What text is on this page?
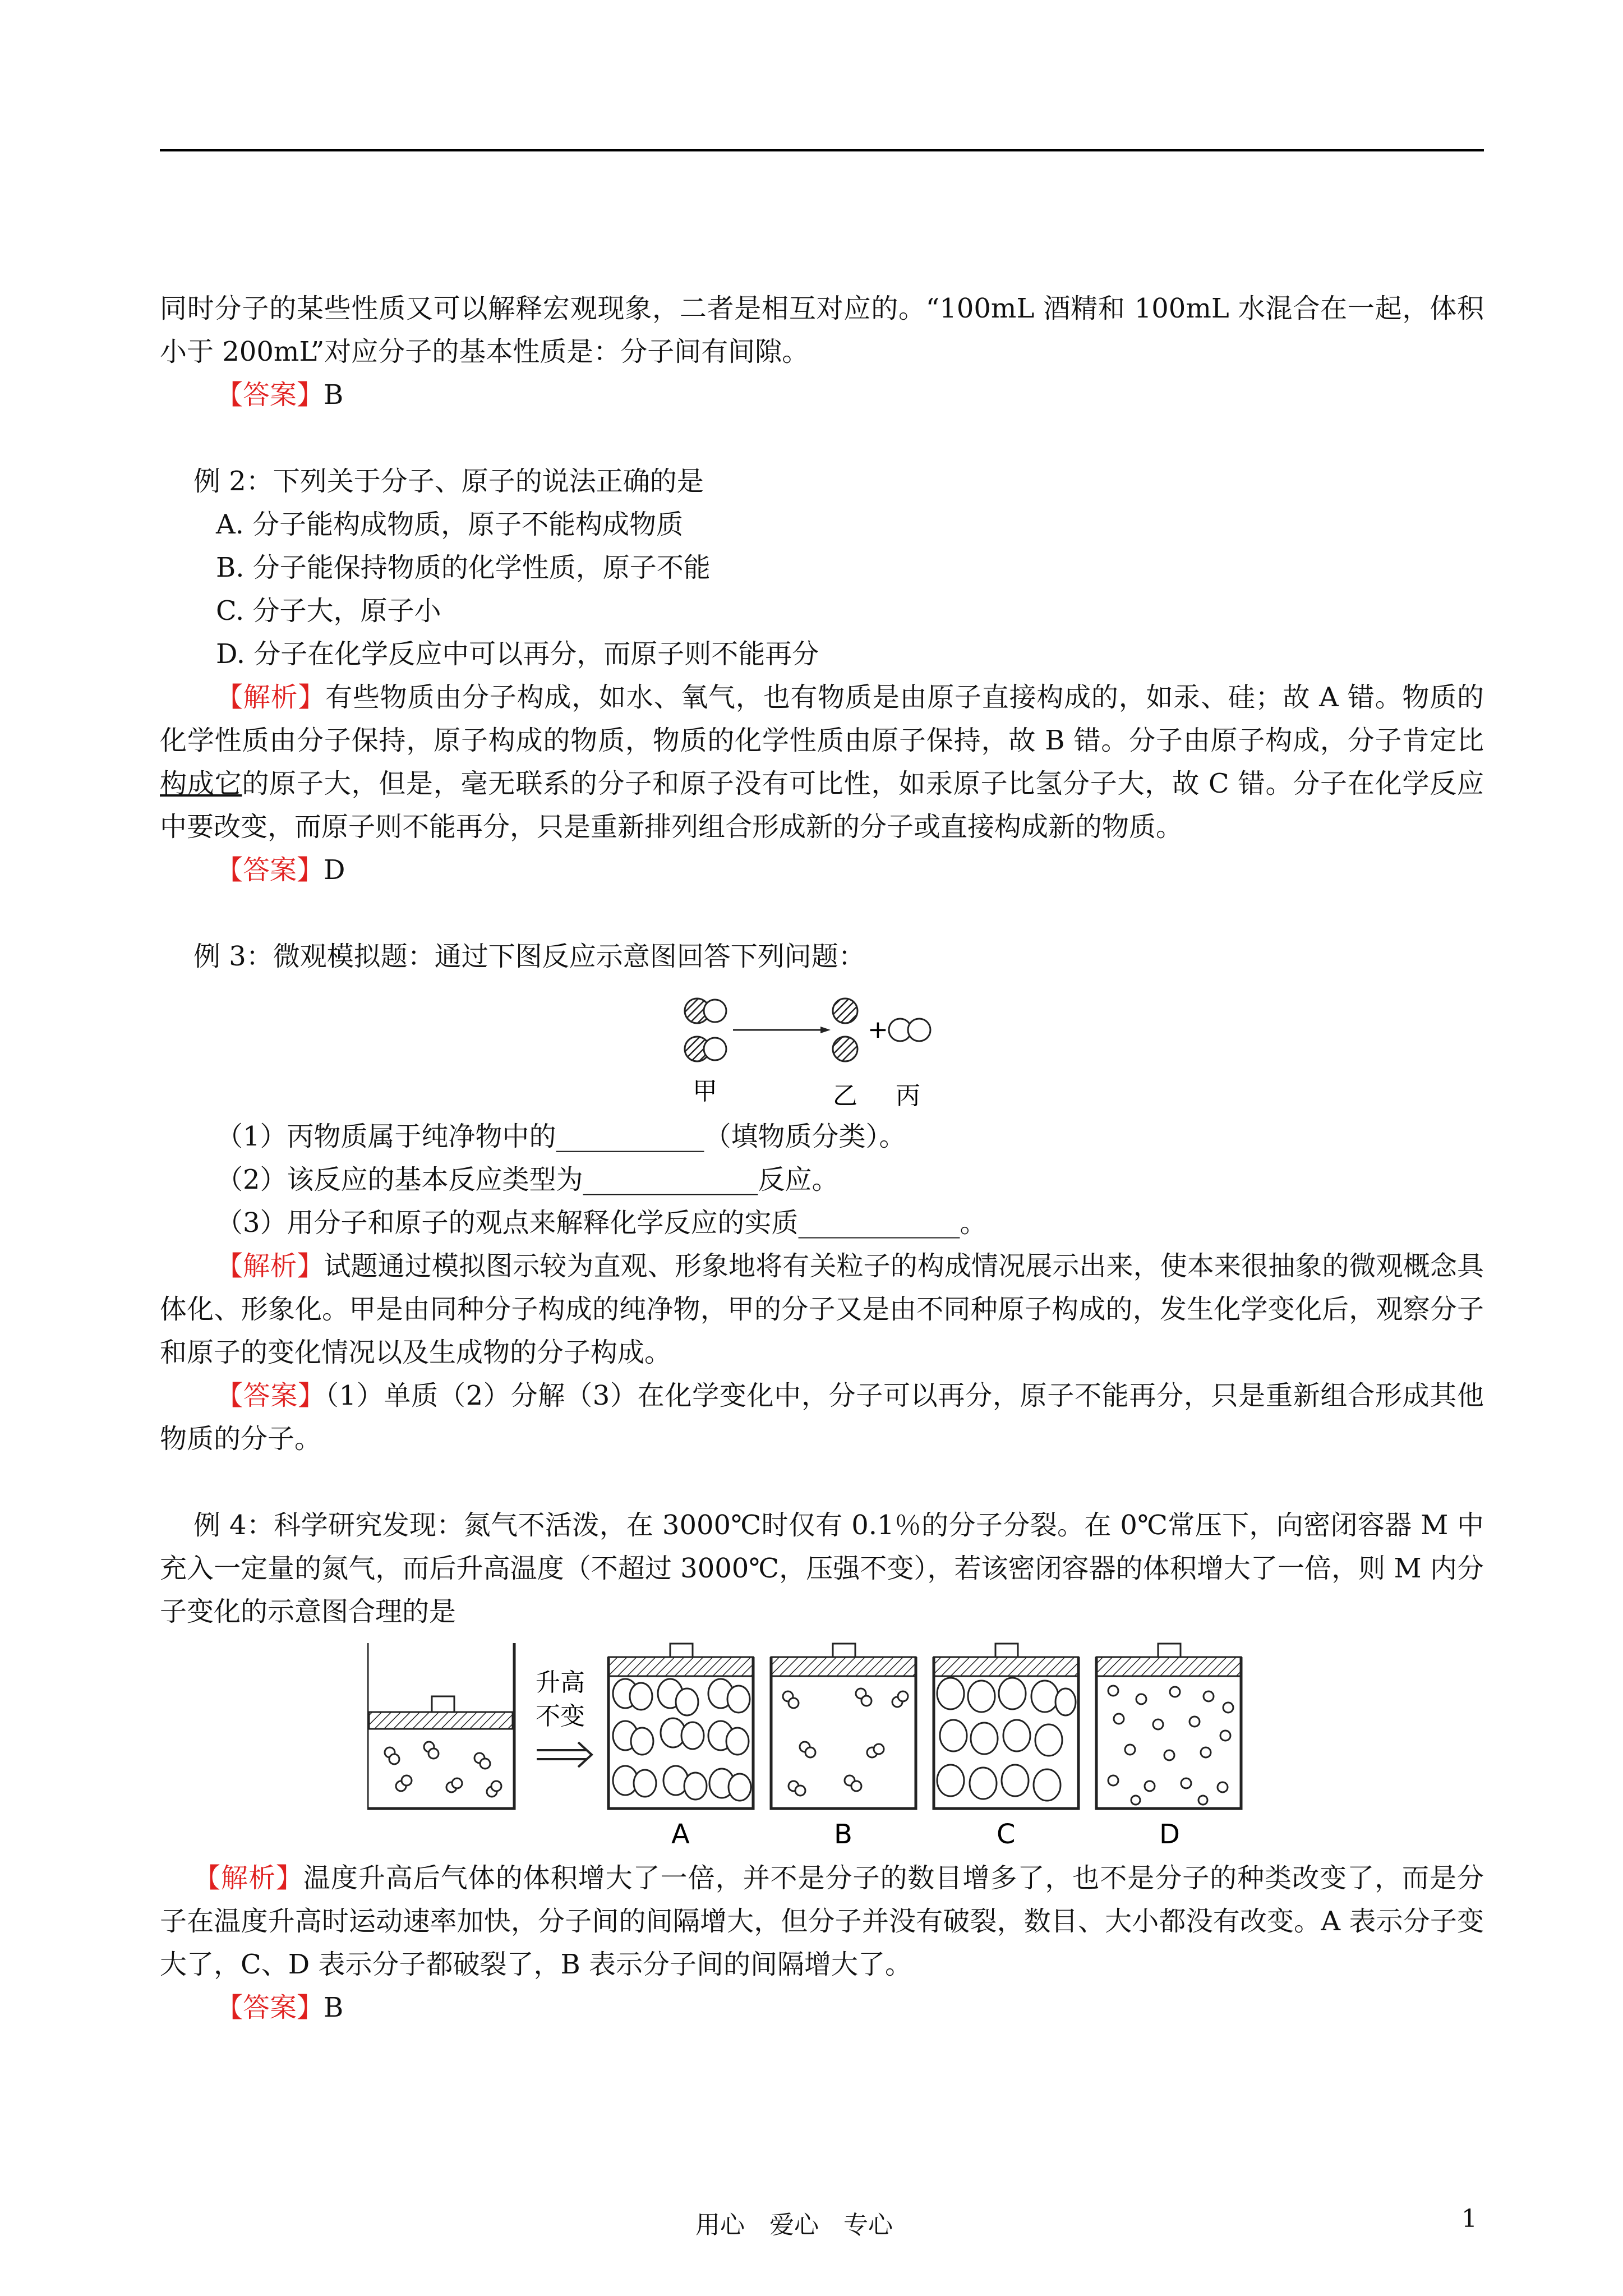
同时分子的某些性质又可以解释宏观现象，二者是相互对应的。“100mL 酒精和 100mL 水混合在一起，体积小于 200mL”对应分子的基本性质是：分子间有间隙。

【答案】B

例 2：下列关于分子、原子的说法正确的是

A. 分子能构成物质，原子不能构成物质

B. 分子能保持物质的化学性质，原子不能

C. 分子大，原子小

D. 分子在化学反应中可以再分，而原子则不能再分

【解析】有些物质由分子构成，如水、氧气，也有物质是由原子直接构成的，如汞、硅；故 A 错。物质的化学性质由分子保持，原子构成的物质，物质的化学性质由原子保持，故 B 错。分子由原子构成，分子肯定比构成它的原子大，但是，毫无联系的分子和原子没有可比性，如汞原子比氢分子大，故 C 错。分子在化学反应中要改变，而原子则不能再分，只是重新排列组合形成新的分子或直接构成新的物质。

【答案】D

例 3：微观模拟题：通过下图反应示意图回答下列问题：

+
甲	乙 丙

（1）丙物质属于纯净物中的___________（填物质分类）。

（2）该反应的基本反应类型为_____________反应。

（3）用分子和原子的观点来解释化学反应的实质____________。

【解析】试题通过模拟图示较为直观、形象地将有关粒子的构成情况展示出来，使本来很抽象的微观概念具体化、形象化。甲是由同种分子构成的纯净物，甲的分子又是由不同种原子构成的，发生化学变化后，观察分子和原子的变化情况以及生成物的分子构成。

【答案】（1）单质（2）分解（3）在化学变化中，分子可以再分，原子不能再分，只是重新组合形成其他物质的分子。

例 4：科学研究发现：氮气不活泼，在 3000℃时仅有 0.1％的分子分裂。在 0℃常压下，向密闭容器 M 中充入一定量的氮气，而后升高温度（不超过 3000℃，压强不变），若该密闭容器的体积增大了一倍，则 M 内分子变化的示意图合理的是

升高
不变
A	B	C	D

【解析】温度升高后气体的体积增大了一倍，并不是分子的数目增多了，也不是分子的种类改变了，而是分子在温度升高时运动速率加快，分子间的间隔增大，但分子并没有破裂，数目、大小都没有改变。A 表示分子变大了，C、D 表示分子都破裂了，B 表示分子间的间隔增大了。

【答案】B

用心　爱心　专心	1
